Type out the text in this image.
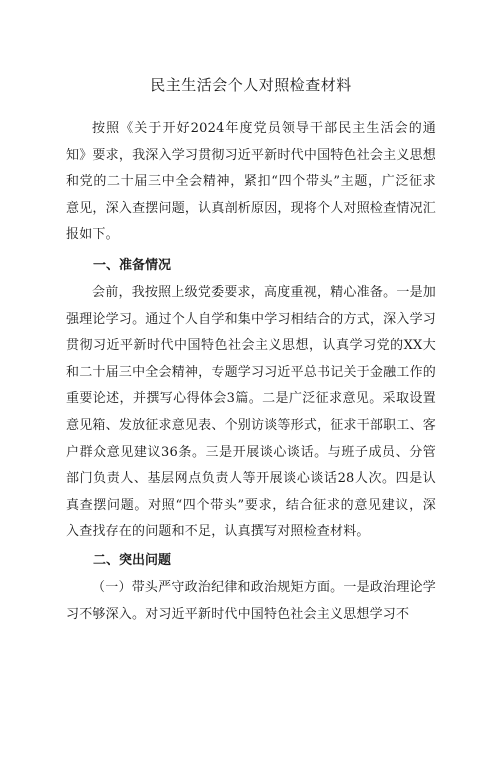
民主生活会个人对照检查材料

按照《关于开好2024年度党员领导干部民主生活会的通知》要求，我深入学习贯彻习近平新时代中国特色社会主义思想和党的二十届三中全会精神，紧扣“四个带头”主题，广泛征求意见，深入查摆问题，认真剖析原因，现将个人对照检查情况汇报如下。

一、准备情况

会前，我按照上级党委要求，高度重视，精心准备。一是加强理论学习。通过个人自学和集中学习相结合的方式，深入学习贯彻习近平新时代中国特色社会主义思想，认真学习党的XX大和二十届三中全会精神，专题学习习近平总书记关于金融工作的重要论述，并撰写心得体会3篇。二是广泛征求意见。采取设置意见箱、发放征求意见表、个别访谈等形式，征求干部职工、客户群众意见建议36条。三是开展谈心谈话。与班子成员、分管部门负责人、基层网点负责人等开展谈心谈话28人次。四是认真查摆问题。对照“四个带头”要求，结合征求的意见建议，深入查找存在的问题和不足，认真撰写对照检查材料。

二、突出问题

（一）带头严守政治纪律和政治规矩方面。一是政治理论学习不够深入。对习近平新时代中国特色社会主义思想学习不
